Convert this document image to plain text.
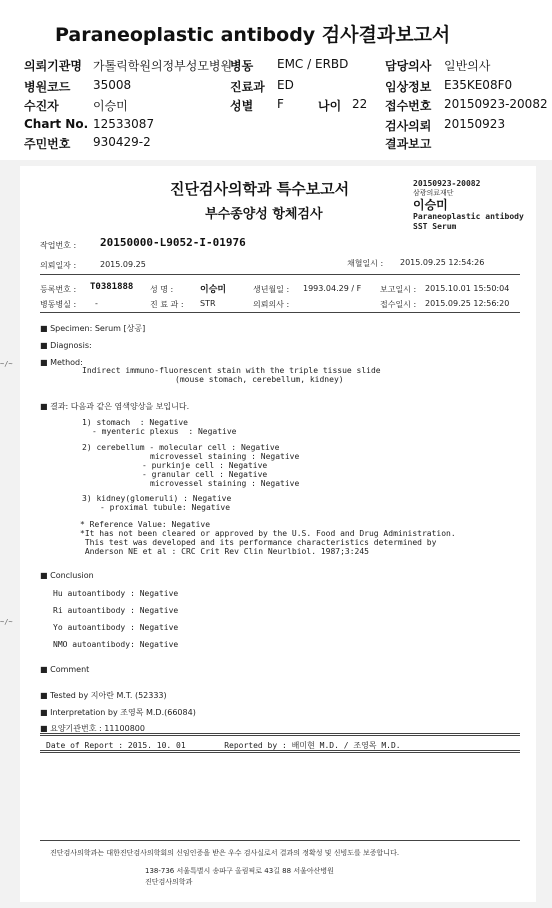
Paraneoplastic antibody 검사결과보고서
의뢰기관명 가톨릭학원의정부성모병원
병동 EMC / ERBD	담당의사 일반의사
병원코드 35008	진료과 ED	임상정보 E35KE08F0
수진자	이승미	성별 F	나이 22 접수번호 20150923-20082
Chart No. 12533087	검사의뢰 20150923
주민번호 930429-2	결과보고
진단검사의학과 특수보고서
부수종양성 항체검사
20150923-20082
삼광의료재단
이승미
Paraneoplastic antibody
SST Serum
작업번호 : 20150000-L9052-I-01976
의뢰일자 :	2015.09.25	채혈일시 : 2015.09.25 12:54:26
등록번호 : T0381888 성 명 :	이승미	생년월일 : 1993.04.29 / F 보고일시 : 2015.10.01 15:50:04
병동병실 : -	진 료 과 : STR	의뢰의사 :	접수일시 : 2015.09.25 12:56:20
■ Specimen: Serum [상공]
■ Diagnosis:
■ Method:
Indirect immuno-fluorescent stain with the triple tissue slide
(mouse stomach, cerebellum, kidney)
■ 결과: 다음과 같은 염색양상을 보입니다.
1) stomach  : Negative
- myenteric plexus  : Negative
2) cerebellum - molecular cell : Negative
microvessel staining : Negative
- purkinje cell : Negative
- granular cell : Negative
microvessel staining : Negative
3) kidney(glomeruli) : Negative
- proximal tubule: Negative
* Reference Value: Negative
*It has not been cleared or approved by the U.S. Food and Drug Administration.
This test was developed and its performance characteristics determined by
Anderson NE et al : CRC Crit Rev Clin Neurlbiol. 1987;3:245
■ Conclusion
Hu autoantibody : Negative
Ri autoantibody : Negative
Yo autoantibody : Negative
NMO autoantibody: Negative
■ Comment
■ Tested by 지아란 M.T. (52333)
■ Interpretation by 조영목 M.D.(66084)
■ 요양기관번호 : 11100800
Date of Report : 2015. 10. 01        Reported by : 배미현 M.D. / 조영목 M.D.
진단검사의학과는 대한진단검사의학회의 신임인증을 받은 우수 검사실로서 결과의 정확성 및 신빙도를 보증합니다.
138-736 서울특별시 송파구 올림픽로 43길 88 서울아산병원
진단검사의학과
~/~
~/~
